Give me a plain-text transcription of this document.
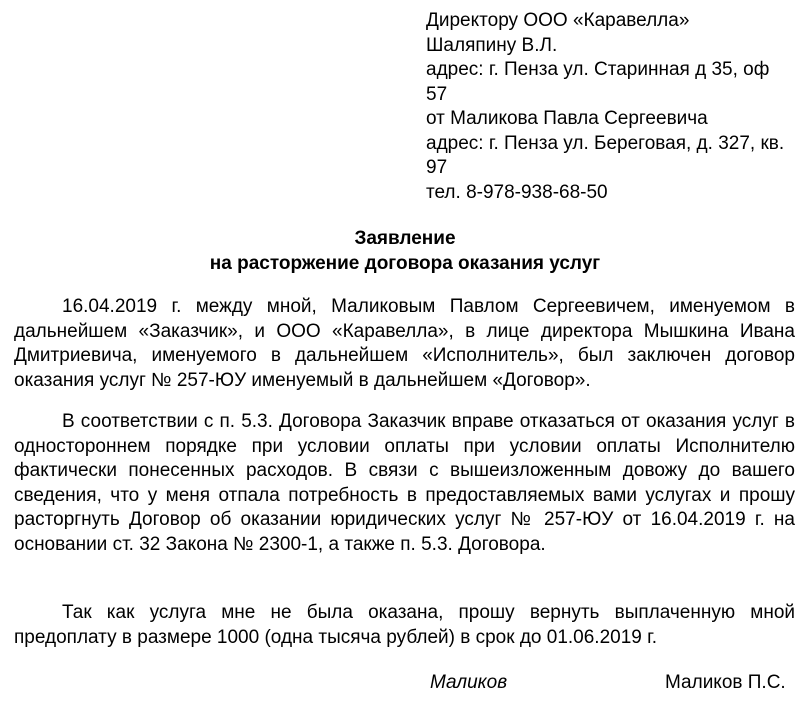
Директору ООО «Каравелла»
Шаляпину В.Л.
адрес: г. Пенза ул. Старинная д 35, оф 57
от Маликова Павла Сергеевича
адрес: г. Пенза ул. Береговая, д. 327, кв. 97
тел. 8-978-938-68-50
Заявление
на расторжение договора оказания услуг

16.04.2019 г. между мной, Маликовым Павлом Сергеевичем, именуемом в дальнейшем «Заказчик», и ООО «Каравелла», в лице директора Мышкина Ивана Дмитриевича, именуемого в дальнейшем «Исполнитель», был заключен договор оказания услуг № 257-ЮУ именуемый в дальнейшем «Договор».

В соответствии с п. 5.3. Договора Заказчик вправе отказаться от оказания услуг в одностороннем порядке при условии оплаты при условии оплаты Исполнителю фактически понесенных расходов. В связи с вышеизложенным довожу до вашего сведения, что у меня отпала потребность в предоставляемых вами услугах и прошу расторгнуть Договор об оказании юридических услуг № 257-ЮУ от 16.04.2019 г. на основании ст. 32 Закона № 2300-1, а также п. 5.3. Договора.

Так как услуга мне не была оказана, прошу вернуть выплаченную мной предоплату в размере 1000 (одна тысяча рублей) в срок до 01.06.2019 г.

Маликов	Маликов П.С.
